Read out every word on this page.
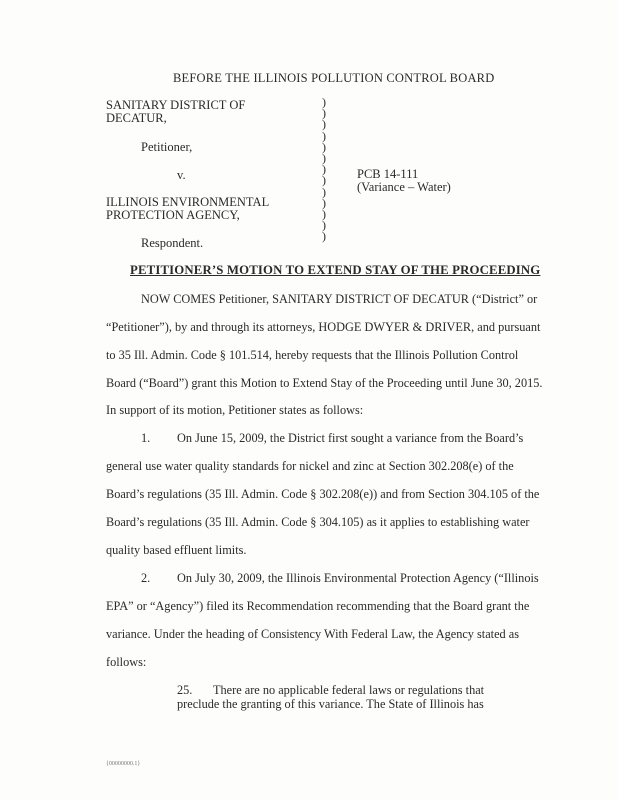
BEFORE THE ILLINOIS POLLUTION CONTROL BOARD
SANITARY DISTRICT OF
DECATUR,
Petitioner,
v.
ILLINOIS ENVIRONMENTAL
PROTECTION AGENCY,
Respondent.
)
)
)
)
)
)
)
)
)
)
)
)
)
PCB 14-111
(Variance – Water)
PETITIONER’S MOTION TO EXTEND STAY OF THE PROCEEDING
NOW COMES Petitioner, SANITARY DISTRICT OF DECATUR (“District” or
“Petitioner”), by and through its attorneys, HODGE DWYER & DRIVER, and pursuant
to 35 Ill. Admin. Code § 101.514, hereby requests that the Illinois Pollution Control
Board (“Board”) grant this Motion to Extend Stay of the Proceeding until June 30, 2015.
In support of its motion, Petitioner states as follows:
1. On June 15, 2009, the District first sought a variance from the Board’s
general use water quality standards for nickel and zinc at Section 302.208(e) of the
Board’s regulations (35 Ill. Admin. Code § 302.208(e)) and from Section 304.105 of the
Board’s regulations (35 Ill. Admin. Code § 304.105) as it applies to establishing water
quality based effluent limits.
2. On July 30, 2009, the Illinois Environmental Protection Agency (“Illinois
EPA” or “Agency”) filed its Recommendation recommending that the Board grant the
variance. Under the heading of Consistency With Federal Law, the Agency stated as
follows:
25. There are no applicable federal laws or regulations that
preclude the granting of this variance. The State of Illinois has
{00000000.1}
